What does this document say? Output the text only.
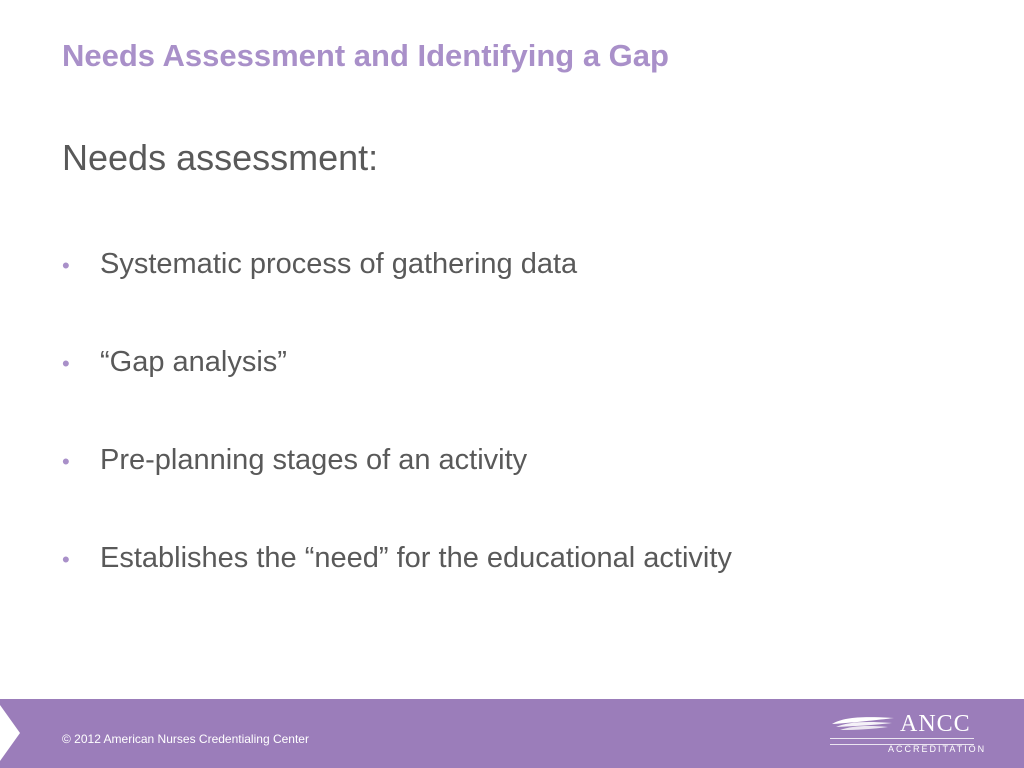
Needs Assessment and Identifying a Gap
Needs assessment:
• Systematic process of gathering data
• “Gap analysis”
• Pre-planning stages of an activity
• Establishes the “need” for the educational activity
© 2012 American Nurses Credentialing Center
ANCC
ACCREDITATION
